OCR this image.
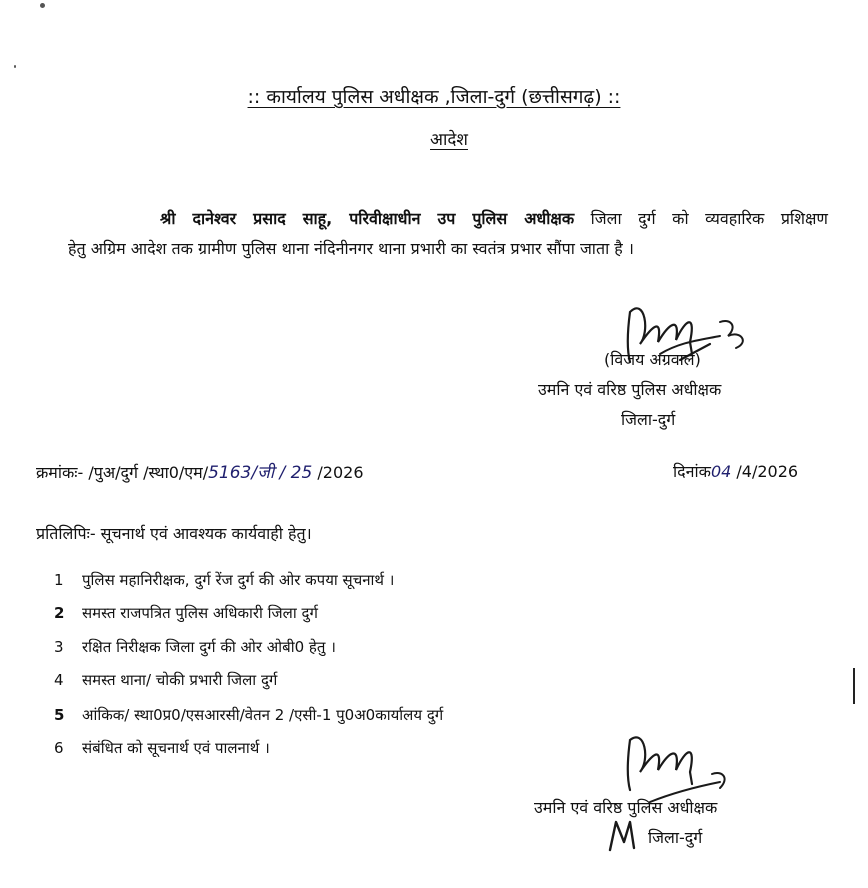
:: कार्यालय पुलिस अधीक्षक ,जिला-दुर्ग (छत्तीसगढ़) ::
आदेश
श्री दानेश्वर प्रसाद साहू, परिवीक्षाधीन उप पुलिस अधीक्षक जिला दुर्ग को व्यवहारिक प्रशिक्षण
हेतु अग्रिम आदेश तक ग्रामीण पुलिस थाना नंदिनीनगर थाना प्रभारी का स्वतंत्र प्रभार सौंपा जाता है ।
(विजय अग्रवाल)
उमनि एवं वरिष्ठ पुलिस अधीक्षक
जिला-दुर्ग
क्रमांकः- /पुअ/दुर्ग /स्था0/एम/5163/जी / 25 /2026	दिनांक04 /4/2026
प्रतिलिपिः- सूचनार्थ एवं आवश्यक कार्यवाही हेतु।
1 पुलिस महानिरीक्षक, दुर्ग रेंज दुर्ग की ओर कपया सूचनार्थ ।
2 समस्त राजपत्रित पुलिस अधिकारी जिला दुर्ग
3 रक्षित निरीक्षक जिला दुर्ग की ओर ओबी0 हेतु ।
4 समस्त थाना/ चोकी प्रभारी जिला दुर्ग
5 आंकिक/ स्था0प्र0/एसआरसी/वेतन 2 /एसी-1 पु0अ0कार्यालय दुर्ग
6 संबंधित को सूचनार्थ एवं पालनार्थ ।
उमनि एवं वरिष्ठ पुलिस अधीक्षक
जिला-दुर्ग
